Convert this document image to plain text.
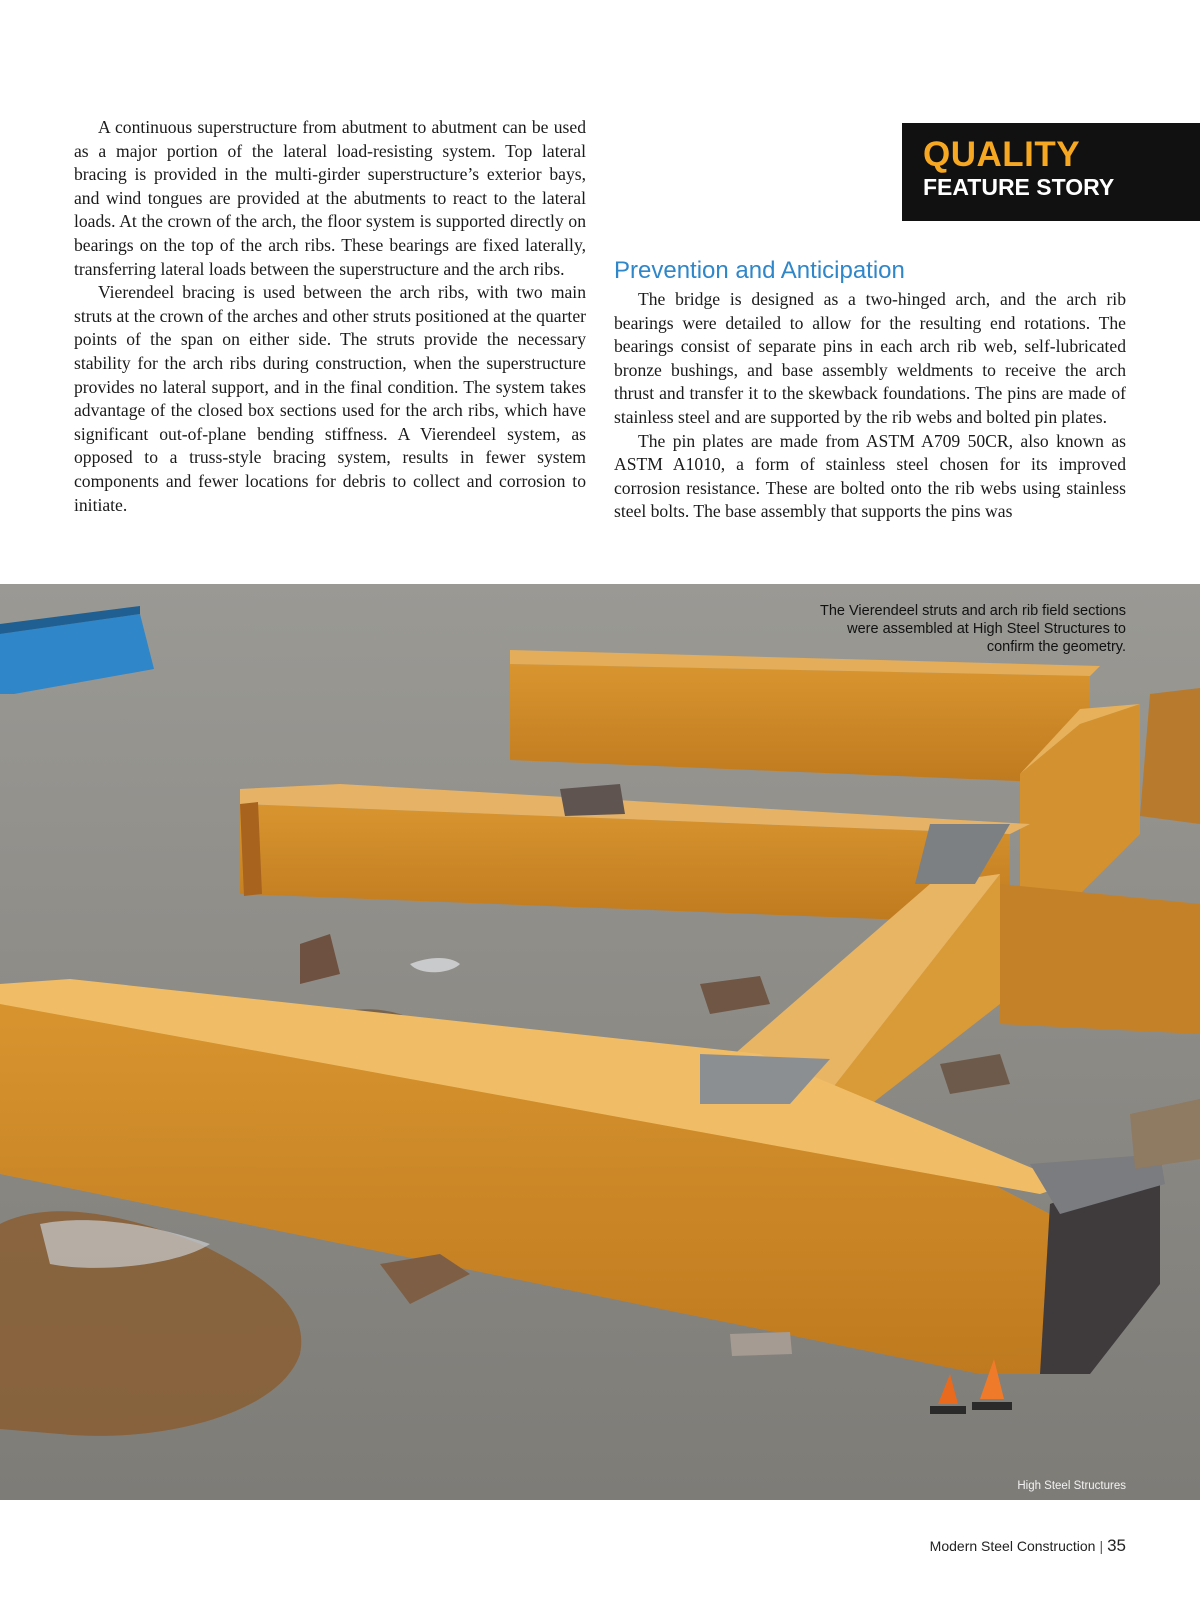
A continuous superstructure from abutment to abutment can be used as a major portion of the lateral load-resisting system. Top lateral bracing is provided in the multi-girder superstructure’s exterior bays, and wind tongues are provided at the abutments to react to the lateral loads. At the crown of the arch, the floor system is supported directly on bearings on the top of the arch ribs. These bearings are fixed laterally, transferring lateral loads between the superstructure and the arch ribs.

Vierendeel bracing is used between the arch ribs, with two main struts at the crown of the arches and other struts positioned at the quarter points of the span on either side. The struts provide the necessary stability for the arch ribs during construction, when the superstructure provides no lateral support, and in the final condition. The system takes advantage of the closed box sections used for the arch ribs, which have significant out-of-plane bending stiffness. A Vierendeel system, as opposed to a truss-style bracing system, results in fewer system components and fewer locations for debris to collect and corrosion to initiate.

QUALITY
FEATURE STORY
Prevention and Anticipation

The bridge is designed as a two-hinged arch, and the arch rib bearings were detailed to allow for the resulting end rotations. The bearings consist of separate pins in each arch rib web, self-lubricated bronze bushings, and base assembly weldments to receive the arch thrust and transfer it to the skewback foundations. The pins are made of stainless steel and are supported by the rib webs and bolted pin plates.

The pin plates are made from ASTM A709 50CR, also known as ASTM A1010, a form of stainless steel chosen for its improved corrosion resistance. These are bolted onto the rib webs using stainless steel bolts. The base assembly that supports the pins was

The Vierendeel struts and arch rib field sections were assembled at High Steel Structures to confirm the geometry.
High Steel Structures
Modern Steel Construction | 35
